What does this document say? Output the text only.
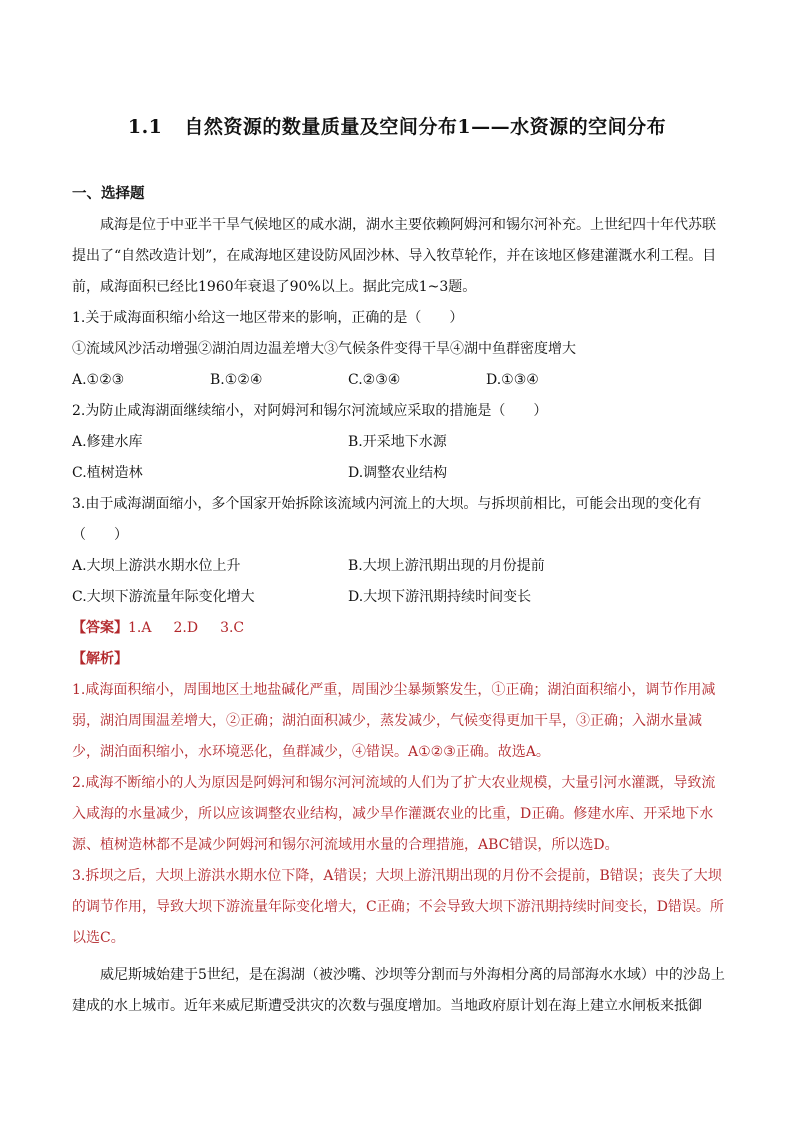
1.1 自然资源的数量质量及空间分布1——水资源的空间分布
一、选择题

咸海是位于中亚半干旱气候地区的咸水湖，湖水主要依赖阿姆河和锡尔河补充。上世纪四十年代苏联提出了“自然改造计划”，在咸海地区建设防风固沙林、导入牧草轮作，并在该地区修建灌溉水利工程。目前，咸海面积已经比1960年衰退了90%以上。据此完成1~3题。

1.关于咸海面积缩小给这一地区带来的影响，正确的是（　　）

①流域风沙活动增强②湖泊周边温差增大③气候条件变得干旱④湖中鱼群密度增大

A.①②③	B.①②④	C.②③④	D.①③④

2.为防止咸海湖面继续缩小，对阿姆河和锡尔河流域应采取的措施是（　　）

A.修建水库	B.开采地下水源
C.植树造林	D.调整农业结构

3.由于咸海湖面缩小，多个国家开始拆除该流域内河流上的大坝。与拆坝前相比，可能会出现的变化有（　　）

A.大坝上游洪水期水位上升	B.大坝上游汛期出现的月份提前
C.大坝下游流量年际变化增大	D.大坝下游汛期持续时间变长

【答案】1.A 2.D 3.C

【解析】

1.咸海面积缩小，周围地区土地盐碱化严重，周围沙尘暴频繁发生，①正确；湖泊面积缩小，调节作用减弱，湖泊周围温差增大，②正确；湖泊面积减少，蒸发减少，气候变得更加干旱，③正确；入湖水量减少，湖泊面积缩小，水环境恶化，鱼群减少，④错误。A①②③正确。故选A。

2.咸海不断缩小的人为原因是阿姆河和锡尔河河流域的人们为了扩大农业规模，大量引河水灌溉，导致流入咸海的水量减少，所以应该调整农业结构，减少旱作灌溉农业的比重，D正确。修建水库、开采地下水源、植树造林都不是减少阿姆河和锡尔河流域用水量的合理措施，ABC错误，所以选D。

3.拆坝之后，大坝上游洪水期水位下降，A错误；大坝上游汛期出现的月份不会提前，B错误；丧失了大坝的调节作用，导致大坝下游流量年际变化增大，C正确；不会导致大坝下游汛期持续时间变长，D错误。所以选C。

威尼斯城始建于5世纪，是在潟湖（被沙嘴、沙坝等分割而与外海相分离的局部海水水域）中的沙岛上建成的水上城市。近年来威尼斯遭受洪灾的次数与强度增加。当地政府原计划在海上建立水闸板来抵御
